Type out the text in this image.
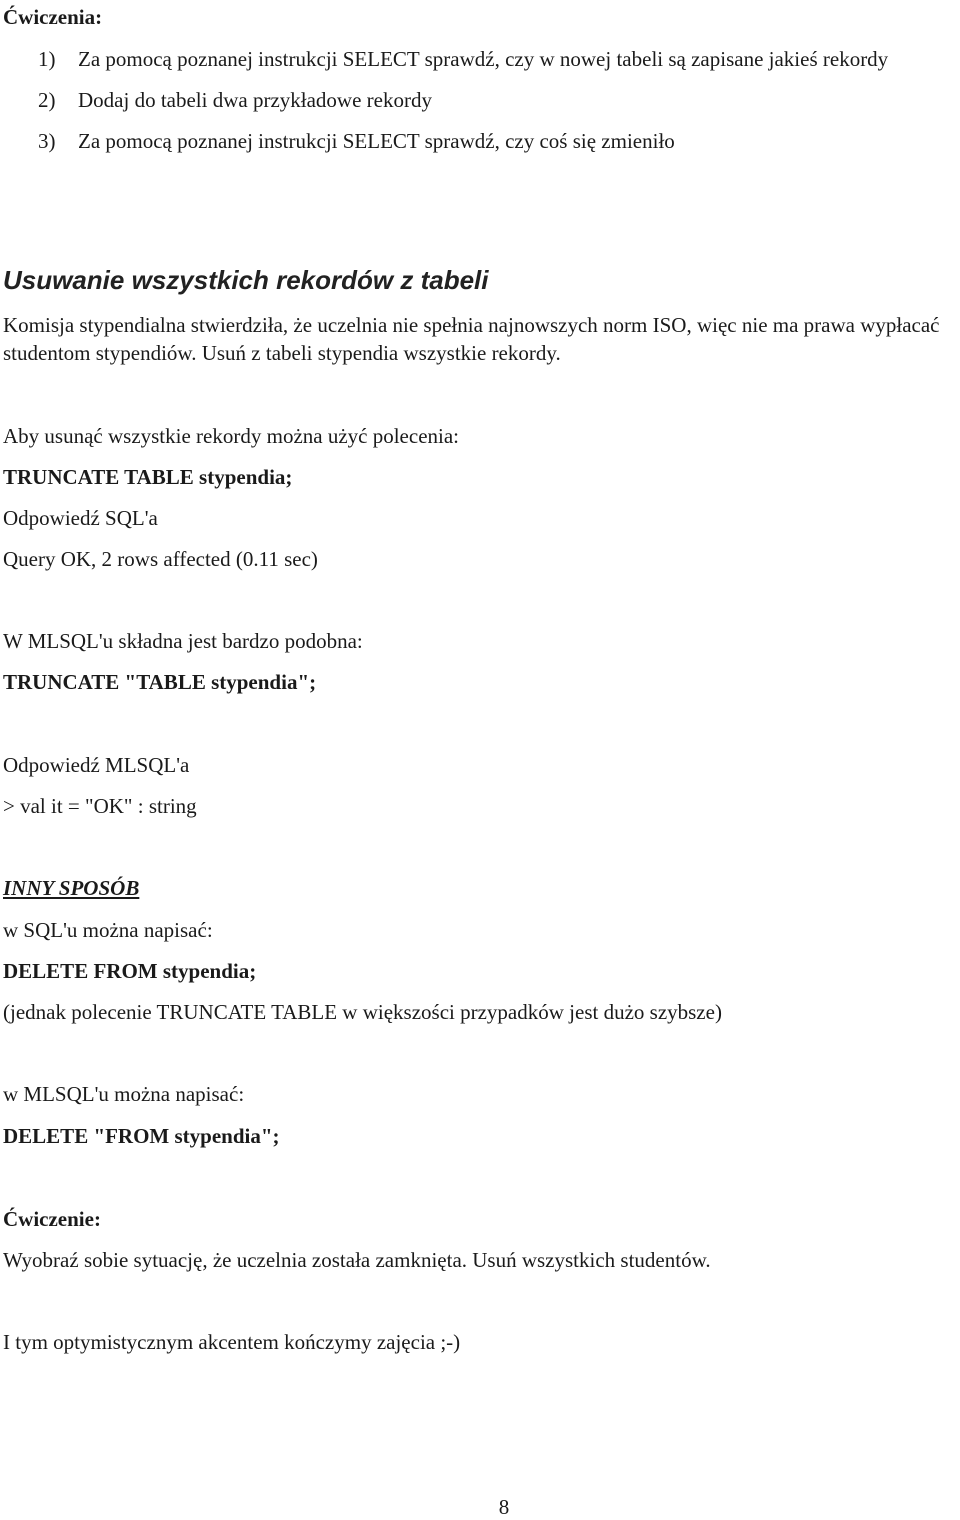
Ćwiczenia:
1)	Za pomocą poznanej instrukcji SELECT sprawdź, czy w nowej tabeli są zapisane jakieś rekordy
2)	Dodaj do tabeli dwa przykładowe rekordy
3)	Za pomocą poznanej instrukcji SELECT sprawdź, czy coś się zmieniło
Usuwanie wszystkich rekordów z tabeli

Komisja stypendialna stwierdziła, że uczelnia nie spełnia najnowszych norm ISO, więc nie ma prawa wypłacać studentom stypendiów. Usuń z tabeli stypendia wszystkie rekordy.

Aby usunąć wszystkie rekordy można użyć polecenia:
TRUNCATE TABLE stypendia;
Odpowiedź SQL'a
Query OK, 2 rows affected (0.11 sec)
W MLSQL'u składna jest bardzo podobna:
TRUNCATE "TABLE stypendia";
Odpowiedź MLSQL'a
> val it = "OK" : string
INNY SPOSÓB
w SQL'u można napisać:
DELETE FROM stypendia;
(jednak polecenie TRUNCATE TABLE w większości przypadków jest dużo szybsze)
w MLSQL'u można napisać:
DELETE "FROM stypendia";
Ćwiczenie:
Wyobraź sobie sytuację, że uczelnia została zamknięta. Usuń wszystkich studentów.
I tym optymistycznym akcentem kończymy zajęcia ;-)
8
